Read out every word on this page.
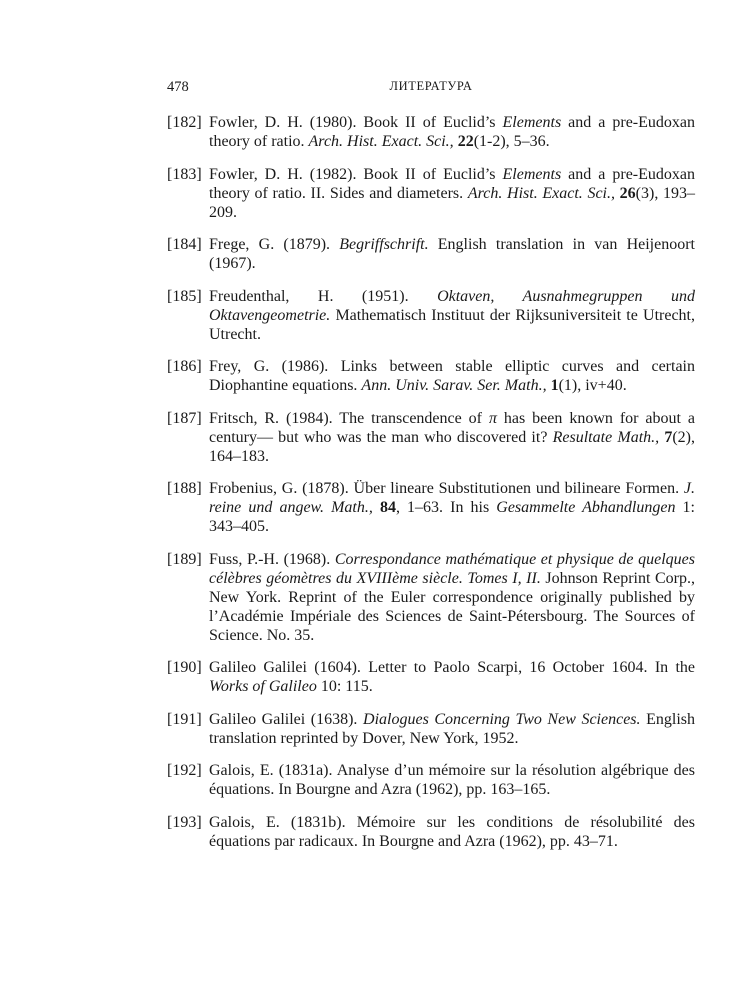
478	ЛИТЕРАТУРА
[182] Fowler, D. H. (1980). Book II of Euclid’s Elements and a pre-Eudoxan theory of ratio. Arch. Hist. Exact. Sci., 22(1-2), 5–36.
[183] Fowler, D. H. (1982). Book II of Euclid’s Elements and a pre-Eudoxan theory of ratio. II. Sides and diameters. Arch. Hist. Exact. Sci., 26(3), 193–209.
[184] Frege, G. (1879). Begriffschrift. English translation in van Heijenoort (1967).
[185] Freudenthal, H. (1951). Oktaven, Ausnahmegruppen und Oktavengeometrie. Mathematisch Instituut der Rijksuniversiteit te Utrecht, Utrecht.
[186] Frey, G. (1986). Links between stable elliptic curves and certain Diophantine equations. Ann. Univ. Sarav. Ser. Math., 1(1), iv+40.
[187] Fritsch, R. (1984). The transcendence of π has been known for about a century— but who was the man who discovered it? Resultate Math., 7(2), 164–183.
[188] Frobenius, G. (1878). Über lineare Substitutionen und bilineare Formen. J. reine und angew. Math., 84, 1–63. In his Gesammelte Abhandlungen 1: 343–405.
[189] Fuss, P.-H. (1968). Correspondance mathématique et physique de quelques célèbres géomètres du XVIIIème siècle. Tomes I, II. Johnson Reprint Corp., New York. Reprint of the Euler correspondence originally published by l’Académie Impériale des Sciences de Saint-Pétersbourg. The Sources of Science. No. 35.
[190] Galileo Galilei (1604). Letter to Paolo Scarpi, 16 October 1604. In the Works of Galileo 10: 115.
[191] Galileo Galilei (1638). Dialogues Concerning Two New Sciences. English translation reprinted by Dover, New York, 1952.
[192] Galois, E. (1831a). Analyse d’un mémoire sur la résolution algébrique des équations. In Bourgne and Azra (1962), pp. 163–165.
[193] Galois, E. (1831b). Mémoire sur les conditions de résolubilité des équations par radicaux. In Bourgne and Azra (1962), pp. 43–71.
